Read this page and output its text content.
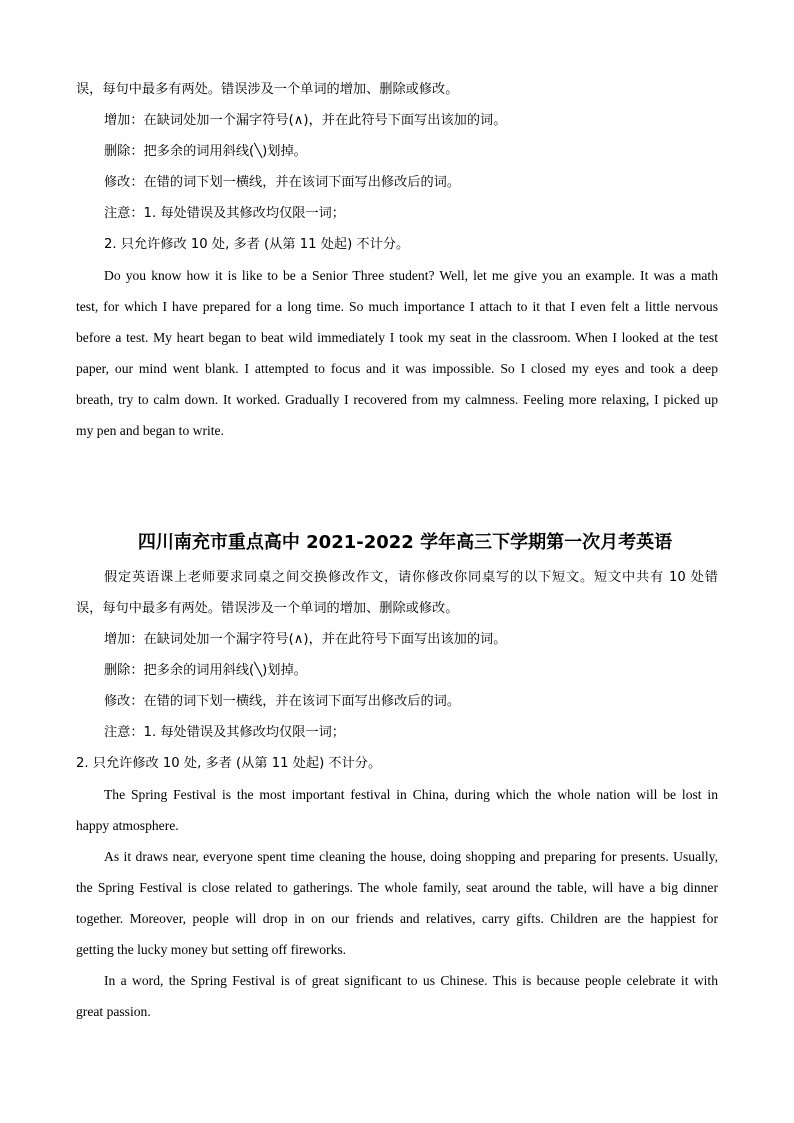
误，每句中最多有两处。错误涉及一个单词的增加、删除或修改。
增加：在缺词处加一个漏字符号(∧)，并在此符号下面写出该加的词。
删除：把多余的词用斜线(╲)划掉。
修改：在错的词下划一横线，并在该词下面写出修改后的词。
注意：1. 每处错误及其修改均仅限一词；
2. 只允许修改 10 处, 多者 (从第 11 处起) 不计分。
Do you know how it is like to be a Senior Three student? Well, let me give you an example. It was a math
test, for which I have prepared for a long time. So much importance I attach to it that I even felt a little nervous
before a test. My heart began to beat wild immediately I took my seat in the classroom. When I looked at the test
paper, our mind went blank. I attempted to focus and it was impossible. So I closed my eyes and took a deep
breath, try to calm down. It worked. Gradually I recovered from my calmness. Feeling more relaxing, I picked up
my pen and began to write.
四川南充市重点高中 2021-2022 学年高三下学期第一次月考英语
假定英语课上老师要求同桌之间交换修改作文，请你修改你同桌写的以下短文。短文中共有 10 处错
误，每句中最多有两处。错误涉及一个单词的增加、删除或修改。
增加：在缺词处加一个漏字符号(∧)，并在此符号下面写出该加的词。
删除：把多余的词用斜线(╲)划掉。
修改：在错的词下划一横线，并在该词下面写出修改后的词。
注意：1. 每处错误及其修改均仅限一词；
2. 只允许修改 10 处, 多者 (从第 11 处起) 不计分。
The Spring Festival is the most important festival in China, during which the whole nation will be lost in
happy atmosphere.
As it draws near, everyone spent time cleaning the house, doing shopping and preparing for presents. Usually,
the Spring Festival is close related to gatherings. The whole family, seat around the table, will have a big dinner
together. Moreover, people will drop in on our friends and relatives, carry gifts. Children are the happiest for
getting the lucky money but setting off fireworks.
In a word, the Spring Festival is of great significant to us Chinese. This is because people celebrate it with
great passion.
